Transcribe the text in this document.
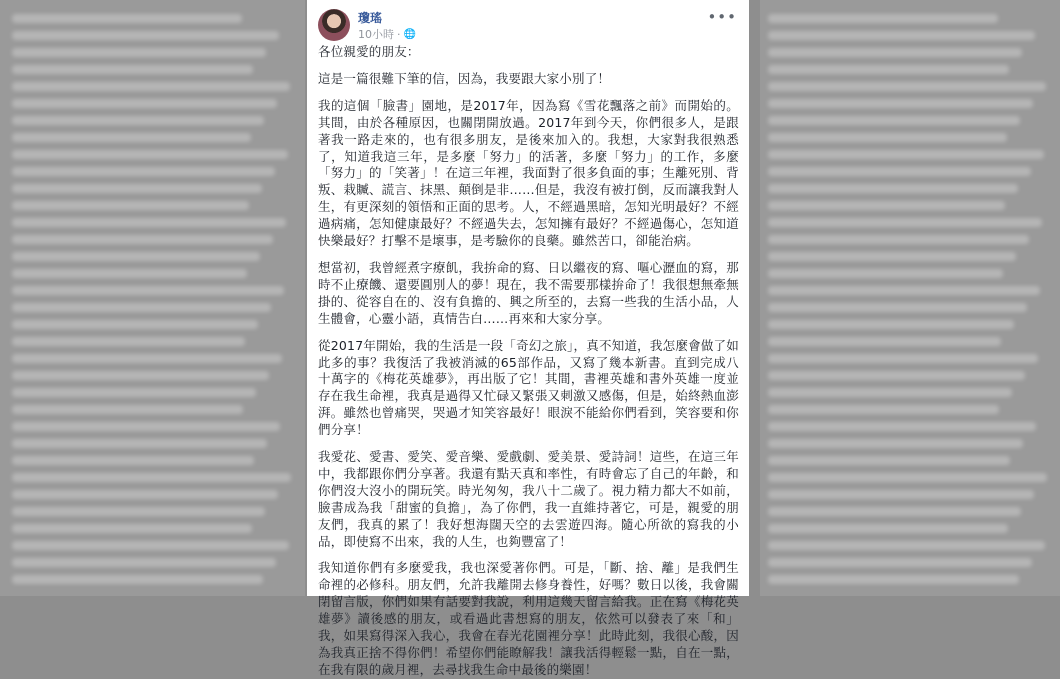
瓊瑤
10小時 · 🌐
•••

各位親愛的朋友：

這是一篇很難下筆的信，因為，我要跟大家小別了！

我的這個「臉書」園地，是2017年，因為寫《雪花飄落之前》而開始的。其間，由於各種原因，也關閉開放過。2017年到今天，你們很多人，是跟著我一路走來的，也有很多朋友，是後來加入的。我想，大家對我很熟悉了，知道我這三年，是多麼「努力」的活著，多麼「努力」的工作，多麼「努力」的「笑著」！在這三年裡，我面對了很多負面的事；生離死別、背叛、栽贓、謊言、抹黑、顛倒是非……但是，我沒有被打倒，反而讓我對人生，有更深刻的領悟和正面的思考。人，不經過黑暗，怎知光明最好？不經過病痛，怎知健康最好？不經過失去，怎知擁有最好？不經過傷心，怎知道快樂最好？打擊不是壞事，是考驗你的良藥。雖然苦口，卻能治病。

想當初，我曾經煮字療飢，我拚命的寫、日以繼夜的寫、嘔心瀝血的寫，那時不止療饑、還要圓別人的夢！現在，我不需要那樣拚命了！我很想無牽無掛的、從容自在的、沒有負擔的、興之所至的，去寫一些我的生活小品，人生體會，心靈小語，真情告白……再來和大家分享。

從2017年開始，我的生活是一段「奇幻之旅」，真不知道，我怎麼會做了如此多的事？我復活了我被消滅的65部作品，又寫了幾本新書。直到完成八十萬字的《梅花英雄夢》，再出版了它！其間，書裡英雄和書外英雄一度並存在我生命裡，我真是過得又忙碌又緊張又刺激又感傷，但是，始終熱血澎湃。雖然也曾痛哭，哭過才知笑容最好！眼淚不能給你們看到，笑容要和你們分享！

我愛花、愛書、愛笑、愛音樂、愛戲劇、愛美景、愛詩詞！這些，在這三年中，我都跟你們分享著。我還有點天真和率性，有時會忘了自己的年齡，和你們沒大沒小的開玩笑。時光匆匆，我八十二歲了。視力精力都大不如前，臉書成為我「甜蜜的負擔」，為了你們，我一直維持著它，可是，親愛的朋友們，我真的累了！我好想海闊天空的去雲遊四海。隨心所欲的寫我的小品，即使寫不出來，我的人生，也夠豐富了！

我知道你們有多麼愛我，我也深愛著你們。可是，「斷、捨、離」是我們生命裡的必修科。朋友們，允許我離開去修身養性，好嗎？數日以後，我會關閉留言版，你們如果有話要對我說，利用這幾天留言給我。正在寫《梅花英雄夢》讀後感的朋友，或看過此書想寫的朋友，依然可以發表了來「和」我，如果寫得深入我心，我會在春光花園裡分享！此時此刻，我很心酸，因為我真正捨不得你們！希望你們能瞭解我！讓我活得輕鬆一點，自在一點，在我有限的歲月裡，去尋找我生命中最後的樂園！
